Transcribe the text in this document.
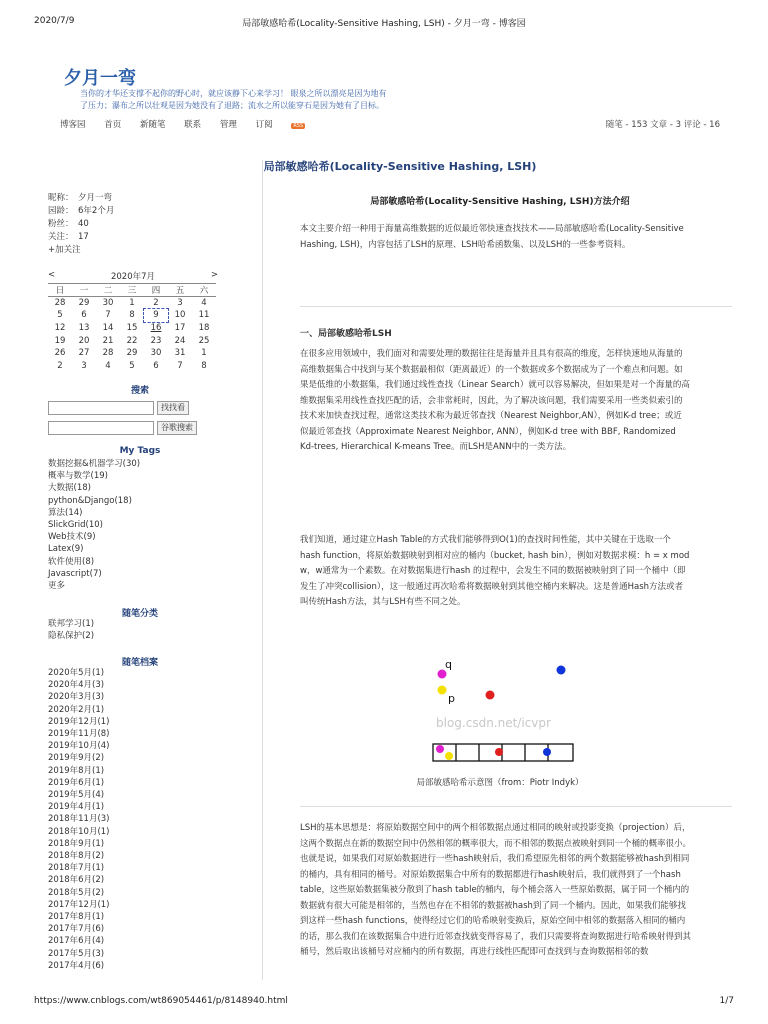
2020/7/9	局部敏感哈希(Locality-Sensitive Hashing, LSH) - 夕月一弯 - 博客园
夕月一弯
当你的才华还支撑不起你的野心时，就应该静下心来学习！ 眼泉之所以漂亮是因为地有
了压力；瀑布之所以壮观是因为她没有了退路；流水之所以能穿石是因为她有了目标。
博客园 首页 新随笔 联系 管理 订阅	RSS	随笔 - 153 文章 - 3 评论 - 16
局部敏感哈希(Locality-Sensitive Hashing, LSH)
昵称： 夕月一弯
园龄： 6年2个月
粉丝： 40
关注： 17
+加关注
<	2020年7月	>
日	一	二	三	四	五	六
28	29	30	1	2	3	4
5	6	7	8	9	10	11
12	13	14	15	16	17	18
19	20	21	22	23	24	25
26	27	28	29	30	31	1
2	3	4	5	6	7	8
搜索
找找看
谷歌搜索
My Tags
数据挖掘&机器学习(30)
概率与数学(19)
大数据(18)
python&Django(18)
算法(14)
SlickGrid(10)
Web技术(9)
Latex(9)
软件使用(8)
Javascript(7)
更多
随笔分类
联邦学习(1)
隐私保护(2)
随笔档案
2020年5月(1)
2020年4月(3)
2020年3月(3)
2020年2月(1)
2019年12月(1)
2019年11月(8)
2019年10月(4)
2019年9月(2)
2019年8月(1)
2019年6月(1)
2019年5月(4)
2019年4月(1)
2018年11月(3)
2018年10月(1)
2018年9月(1)
2018年8月(2)
2018年7月(1)
2018年6月(2)
2018年5月(2)
2017年12月(1)
2017年8月(1)
2017年7月(6)
2017年6月(4)
2017年5月(3)
2017年4月(6)
局部敏感哈希(Locality-Sensitive Hashing, LSH)方法介绍
本文主要介绍一种用于海量高维数据的近似最近邻快速查找技术——局部敏感哈希(Locality-Sensitive Hashing, LSH)，内容包括了LSH的原理、LSH哈希函数集、以及LSH的一些参考资料。
一、局部敏感哈希LSH
在很多应用领域中，我们面对和需要处理的数据往往是海量并且具有很高的维度，怎样快速地从海量的高维数据集合中找到与某个数据最相似（距离最近）的一个数据或多个数据成为了一个难点和问题。如果是低维的小数据集，我们通过线性查找（Linear Search）就可以容易解决，但如果是对一个海量的高维数据集采用线性查找匹配的话，会非常耗时，因此，为了解决该问题，我们需要采用一些类似索引的技术来加快查找过程，通常这类技术称为最近邻查找（Nearest Neighbor,AN），例如K-d tree；或近似最近邻查找（Approximate Nearest Neighbor, ANN），例如K-d tree with BBF, Randomized Kd-trees, Hierarchical K-means Tree。而LSH是ANN中的一类方法。
我们知道，通过建立Hash Table的方式我们能够得到O(1)的查找时间性能，其中关键在于选取一个hash function，将原始数据映射到相对应的桶内（bucket, hash bin），例如对数据求模：h = x mod w，w通常为一个素数。在对数据集进行hash 的过程中，会发生不同的数据被映射到了同一个桶中（即发生了冲突collision），这一般通过再次哈希将数据映射到其他空桶内来解决。这是普通Hash方法或者叫传统Hash方法，其与LSH有些不同之处。
q
p
blog.csdn.net/icvpr
局部敏感哈希示意图（from：Piotr Indyk）
LSH的基本思想是：将原始数据空间中的两个相邻数据点通过相同的映射或投影变换（projection）后，这两个数据点在新的数据空间中仍然相邻的概率很大，而不相邻的数据点被映射到同一个桶的概率很小。也就是说，如果我们对原始数据进行一些hash映射后，我们希望原先相邻的两个数据能够被hash到相同的桶内，具有相同的桶号。对原始数据集合中所有的数据都进行hash映射后，我们就得到了一个hash table，这些原始数据集被分散到了hash table的桶内，每个桶会落入一些原始数据，属于同一个桶内的数据就有很大可能是相邻的，当然也存在不相邻的数据被hash到了同一个桶内。因此，如果我们能够找到这样一些hash functions，使得经过它们的哈希映射变换后，原始空间中相邻的数据落入相同的桶内的话，那么我们在该数据集合中进行近邻查找就变得容易了，我们只需要将查询数据进行哈希映射得到其桶号，然后取出该桶号对应桶内的所有数据，再进行线性匹配即可查找到与查询数据相邻的数
https://www.cnblogs.com/wt869054461/p/8148940.html	1/7
